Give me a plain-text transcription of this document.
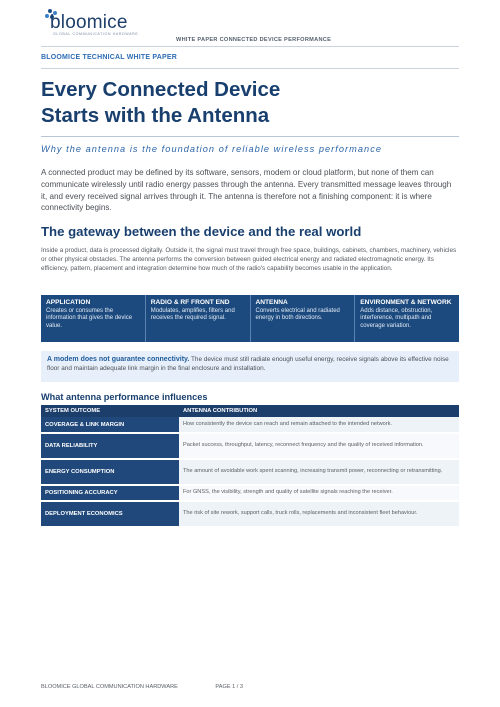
bloomice
GLOBAL COMMUNICATION HARDWARE
WHITE PAPER CONNECTED DEVICE PERFORMANCE
BLOOMICE TECHNICAL WHITE PAPER
Every Connected Device
Starts with the Antenna
Why the antenna is the foundation of reliable wireless performance
A connected product may be defined by its software, sensors, modem or cloud platform, but none of them can communicate wirelessly until radio energy passes through the antenna. Every transmitted message leaves through it, and every received signal arrives through it. The antenna is therefore not a finishing component: it is where connectivity begins.
The gateway between the device and the real world
Inside a product, data is processed digitally. Outside it, the signal must travel through free space, buildings, cabinets, chambers, machinery, vehicles or other physical obstacles. The antenna performs the conversion between guided electrical energy and radiated electromagnetic energy. Its efficiency, pattern, placement and integration determine how much of the radio's capability becomes usable in the application.
APPLICATION
Creates or consumes the information that gives the device value.
RADIO & RF FRONT END
Modulates, amplifies, filters and receives the required signal.
ANTENNA
Converts electrical and radiated energy in both directions.
ENVIRONMENT & NETWORK
Adds distance, obstruction, interference, multipath and coverage variation.
A modem does not guarantee connectivity. The device must still radiate enough useful energy, receive signals above its effective noise floor and maintain adequate link margin in the final enclosure and installation.
What antenna performance influences
SYSTEM OUTCOME	ANTENNA CONTRIBUTION
COVERAGE & LINK MARGIN	How consistently the device can reach and remain attached to the intended network.
DATA RELIABILITY	Packet success, throughput, latency, reconnect frequency and the quality of received information.
ENERGY CONSUMPTION	The amount of avoidable work spent scanning, increasing transmit power, reconnecting or retransmitting.
POSITIONING ACCURACY	For GNSS, the visibility, strength and quality of satellite signals reaching the receiver.
DEPLOYMENT ECONOMICS	The risk of site rework, support calls, truck rolls, replacements and inconsistent fleet behaviour.
BLOOMICE GLOBAL COMMUNICATION HARDWARE	PAGE 1 / 3
